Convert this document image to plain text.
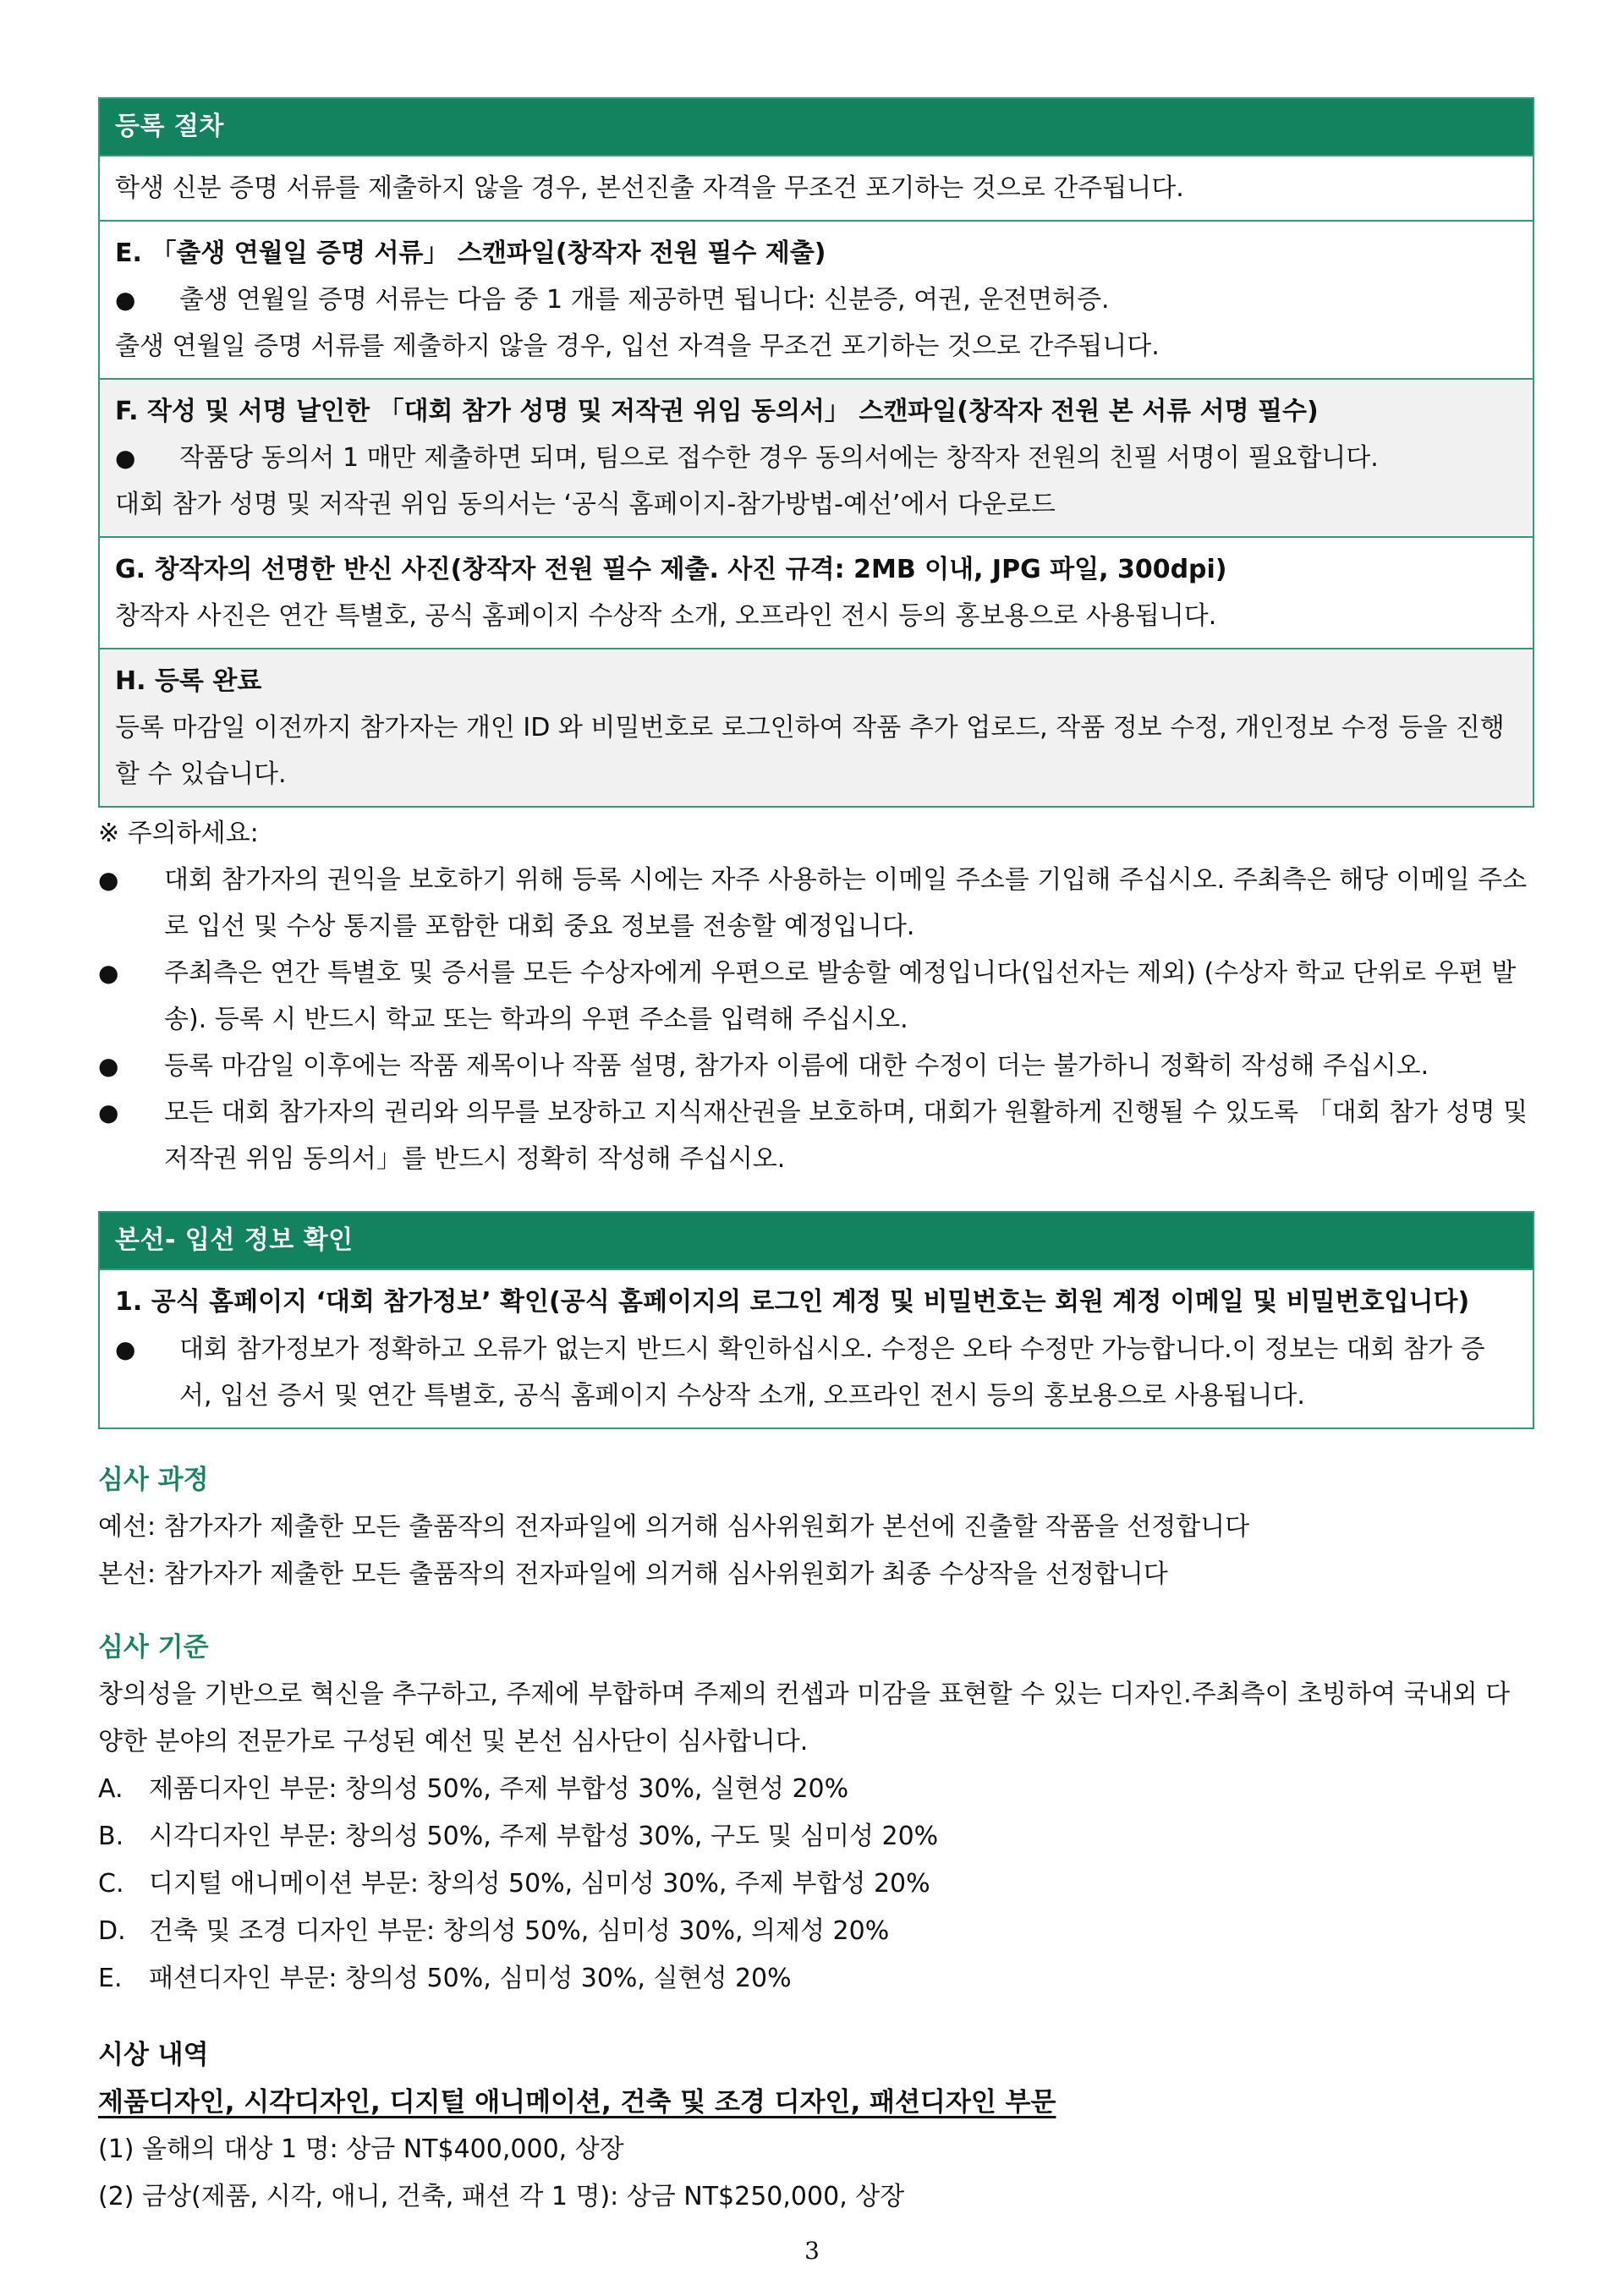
등록 절차
학생 신분 증명 서류를 제출하지 않을 경우, 본선진출 자격을 무조건 포기하는 것으로 간주됩니다.
E. 「출생 연월일 증명 서류」 스캔파일(창작자 전원 필수 제출)
● 출생 연월일 증명 서류는 다음 중 1 개를 제공하면 됩니다: 신분증, 여권, 운전면허증.
출생 연월일 증명 서류를 제출하지 않을 경우, 입선 자격을 무조건 포기하는 것으로 간주됩니다.
F. 작성 및 서명 날인한 「대회 참가 성명 및 저작권 위임 동의서」 스캔파일(창작자 전원 본 서류 서명 필수)
● 작품당 동의서 1 매만 제출하면 되며, 팀으로 접수한 경우 동의서에는 창작자 전원의 친필 서명이 필요합니다.
대회 참가 성명 및 저작권 위임 동의서는 ‘공식 홈페이지-참가방법-예선’에서 다운로드
G. 창작자의 선명한 반신 사진(창작자 전원 필수 제출. 사진 규격: 2MB 이내, JPG 파일, 300dpi)
창작자 사진은 연간 특별호, 공식 홈페이지 수상작 소개, 오프라인 전시 등의 홍보용으로 사용됩니다.
H. 등록 완료
등록 마감일 이전까지 참가자는 개인 ID 와 비밀번호로 로그인하여 작품 추가 업로드, 작품 정보 수정, 개인정보 수정 등을 진행할 수 있습니다.
※ 주의하세요:
● 대회 참가자의 권익을 보호하기 위해 등록 시에는 자주 사용하는 이메일 주소를 기입해 주십시오. 주최측은 해당 이메일 주소로 입선 및 수상 통지를 포함한 대회 중요 정보를 전송할 예정입니다.
● 주최측은 연간 특별호 및 증서를 모든 수상자에게 우편으로 발송할 예정입니다(입선자는 제외) (수상자 학교 단위로 우편 발송). 등록 시 반드시 학교 또는 학과의 우편 주소를 입력해 주십시오.
● 등록 마감일 이후에는 작품 제목이나 작품 설명, 참가자 이름에 대한 수정이 더는 불가하니 정확히 작성해 주십시오.
● 모든 대회 참가자의 권리와 의무를 보장하고 지식재산권을 보호하며, 대회가 원활하게 진행될 수 있도록 「대회 참가 성명 및 저작권 위임 동의서」를 반드시 정확히 작성해 주십시오.
본선- 입선 정보 확인
1. 공식 홈페이지 ‘대회 참가정보’ 확인(공식 홈페이지의 로그인 계정 및 비밀번호는 회원 계정 이메일 및 비밀번호입니다)
● 대회 참가정보가 정확하고 오류가 없는지 반드시 확인하십시오. 수정은 오타 수정만 가능합니다.이 정보는 대회 참가 증서, 입선 증서 및 연간 특별호, 공식 홈페이지 수상작 소개, 오프라인 전시 등의 홍보용으로 사용됩니다.
심사 과정
예선: 참가자가 제출한 모든 출품작의 전자파일에 의거해 심사위원회가 본선에 진출할 작품을 선정합니다
본선: 참가자가 제출한 모든 출품작의 전자파일에 의거해 심사위원회가 최종 수상작을 선정합니다
심사 기준
창의성을 기반으로 혁신을 추구하고, 주제에 부합하며 주제의 컨셉과 미감을 표현할 수 있는 디자인.주최측이 초빙하여 국내외 다양한 분야의 전문가로 구성된 예선 및 본선 심사단이 심사합니다.
A. 제품디자인 부문: 창의성 50%, 주제 부합성 30%, 실현성 20%
B. 시각디자인 부문: 창의성 50%, 주제 부합성 30%, 구도 및 심미성 20%
C. 디지털 애니메이션 부문: 창의성 50%, 심미성 30%, 주제 부합성 20%
D. 건축 및 조경 디자인 부문: 창의성 50%, 심미성 30%, 의제성 20%
E. 패션디자인 부문: 창의성 50%, 심미성 30%, 실현성 20%
시상 내역
제품디자인, 시각디자인, 디지털 애니메이션, 건축 및 조경 디자인, 패션디자인 부문
(1) 올해의 대상 1 명: 상금 NT$400,000, 상장
(2) 금상(제품, 시각, 애니, 건축, 패션 각 1 명): 상금 NT$250,000, 상장
3
